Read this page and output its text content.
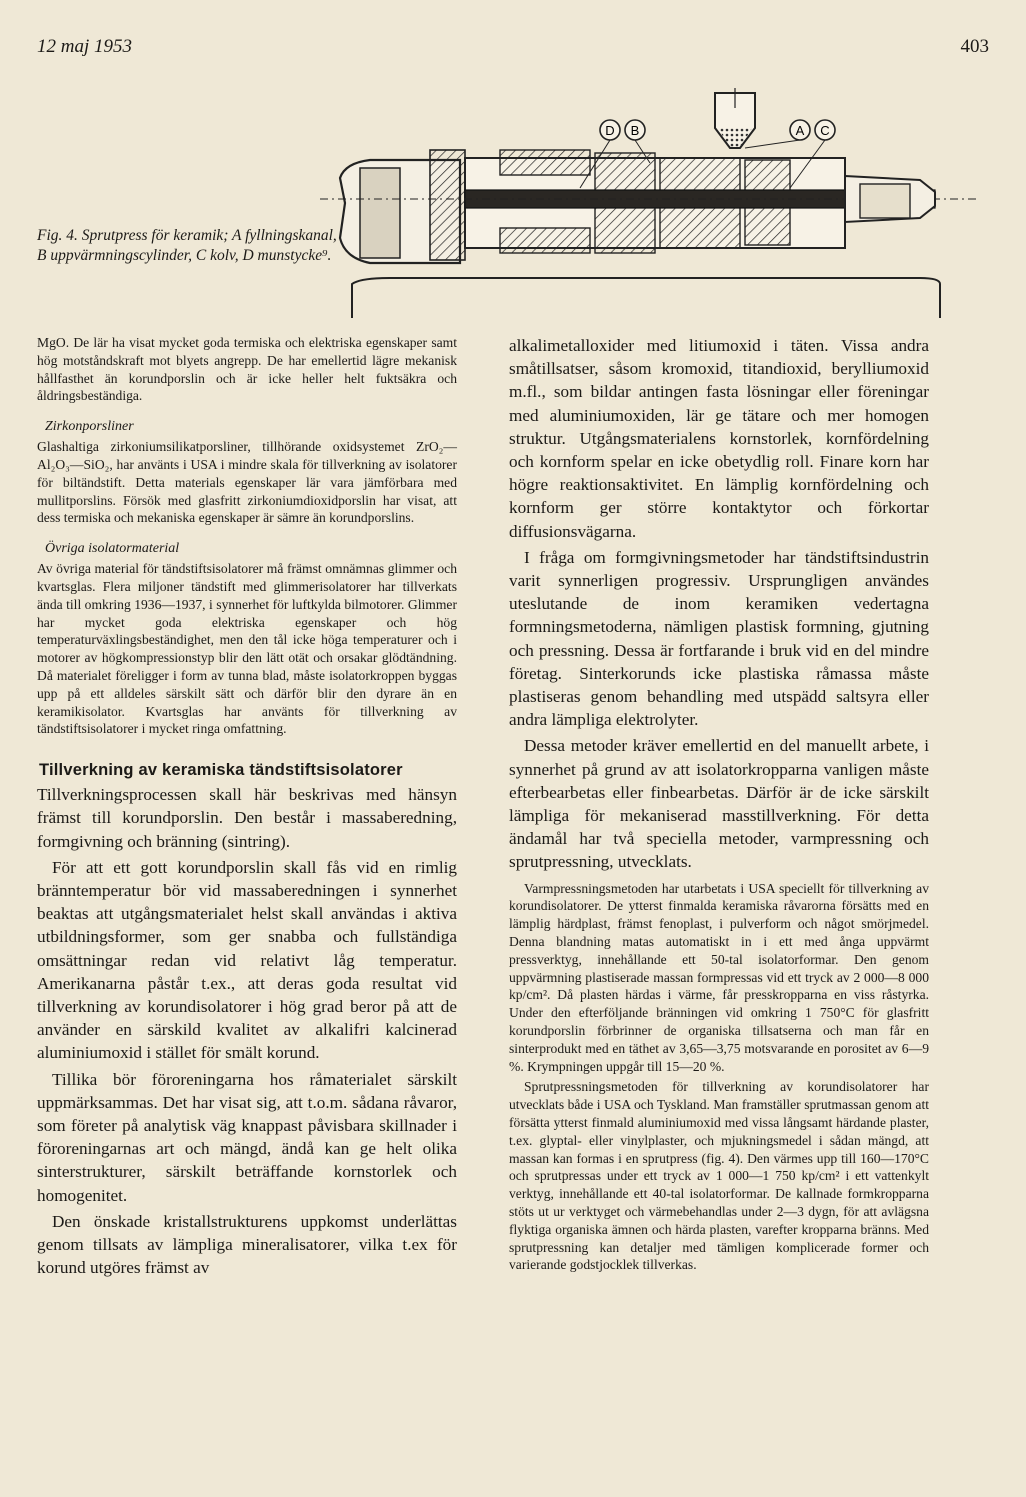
12 maj 1953	403
D B	A C
Fig. 4. Sprutpress för keramik; A fyllningskanal, B uppvärmningscylinder, C kolv, D munstycke⁹.

MgO. De lär ha visat mycket goda termiska och elektriska egenskaper samt hög motståndskraft mot blyets angrepp. De har emellertid lägre mekanisk hållfasthet än korundporslin och är icke heller helt fuktsäkra och åldringsbeständiga.

Zirkonporsliner

Glashaltiga zirkoniumsilikatporsliner, tillhörande oxidsystemet ZrO₂—Al₂O₃—SiO₂, har använts i USA i mindre skala för tillverkning av isolatorer för biltändstift. Detta materials egenskaper lär vara jämförbara med mullitporslins. Försök med glasfritt zirkoniumdioxidporslin har visat, att dess termiska och mekaniska egenskaper är sämre än korundporslins.

Övriga isolatormaterial

Av övriga material för tändstiftsisolatorer må främst omnämnas glimmer och kvartsglas. Flera miljoner tändstift med glimmerisolatorer har tillverkats ända till omkring 1936—1937, i synnerhet för luftkylda bilmotorer. Glimmer har mycket goda elektriska egenskaper och hög temperaturväxlingsbeständighet, men den tål icke höga temperaturer och i motorer av högkompressionstyp blir den lätt otät och orsakar glödtändning. Då materialet föreligger i form av tunna blad, måste isolatorkroppen byggas upp på ett alldeles särskilt sätt och därför blir den dyrare än en keramikisolator. Kvartsglas har använts för tillverkning av tändstiftsisolatorer i mycket ringa omfattning.

Tillverkning av keramiska tändstiftsisolatorer

Tillverkningsprocessen skall här beskrivas med hänsyn främst till korundporslin. Den består i massaberedning, formgivning och bränning (sintring).

För att ett gott korundporslin skall fås vid en rimlig bränntemperatur bör vid massaberedningen i synnerhet beaktas att utgångsmaterialet helst skall användas i aktiva utbildningsformer, som ger snabba och fullständiga omsättningar redan vid relativt låg temperatur. Amerikanarna påstår t.ex., att deras goda resultat vid tillverkning av korundisolatorer i hög grad beror på att de använder en särskild kvalitet av alkalifri kalcinerad aluminiumoxid i stället för smält korund.

Tillika bör föroreningarna hos råmaterialet särskilt uppmärksammas. Det har visat sig, att t.o.m. sådana råvaror, som företer på analytisk väg knappast påvisbara skillnader i föroreningarnas art och mängd, ändå kan ge helt olika sinterstrukturer, särskilt beträffande kornstorlek och homogenitet.

Den önskade kristallstrukturens uppkomst underlättas genom tillsats av lämpliga mineralisatorer, vilka t.ex för korund utgöres främst av

alkalimetalloxider med litiumoxid i täten. Vissa andra småtillsatser, såsom kromoxid, titandioxid, berylliumoxid m.fl., som bildar antingen fasta lösningar eller föreningar med aluminiumoxiden, lär ge tätare och mer homogen struktur. Utgångsmaterialens kornstorlek, kornfördelning och kornform spelar en icke obetydlig roll. Finare korn har högre reaktionsaktivitet. En lämplig kornfördelning och kornform ger större kontaktytor och förkortar diffusionsvägarna.

I fråga om formgivningsmetoder har tändstiftsindustrin varit synnerligen progressiv. Ursprungligen användes uteslutande de inom keramiken vedertagna formningsmetoderna, nämligen plastisk formning, gjutning och pressning. Dessa är fortfarande i bruk vid en del mindre företag. Sinterkorunds icke plastiska råmassa måste plastiseras genom behandling med utspädd saltsyra eller andra lämpliga elektrolyter.

Dessa metoder kräver emellertid en del manuellt arbete, i synnerhet på grund av att isolatorkropparna vanligen måste efterbearbetas eller finbearbetas. Därför är de icke särskilt lämpliga för mekaniserad masstillverkning. För detta ändamål har två speciella metoder, varmpressning och sprutpressning, utvecklats.

Varmpressningsmetoden har utarbetats i USA speciellt för tillverkning av korundisolatorer. De ytterst finmalda keramiska råvarorna försätts med en lämplig härdplast, främst fenoplast, i pulverform och något smörjmedel. Denna blandning matas automatiskt in i ett med ånga uppvärmt pressverktyg, innehållande ett 50-tal isolatorformar. Den genom uppvärmning plastiserade massan formpressas vid ett tryck av 2 000—8 000 kp/cm². Då plasten härdas i värme, får presskropparna en viss råstyrka. Under den efterföljande bränningen vid omkring 1 750°C för glasfritt korundporslin förbrinner de organiska tillsatserna och man får en sinterprodukt med en täthet av 3,65—3,75 motsvarande en porositet av 6—9 %. Krympningen uppgår till 15—20 %.

Sprutpressningsmetoden för tillverkning av korundisolatorer har utvecklats både i USA och Tyskland. Man framställer sprutmassan genom att försätta ytterst finmald aluminiumoxid med vissa långsamt härdande plaster, t.ex. glyptal- eller vinylplaster, och mjukningsmedel i sådan mängd, att massan kan formas i en sprutpress (fig. 4). Den värmes upp till 160—170°C och sprutpressas under ett tryck av 1 000—1 750 kp/cm² i ett vattenkylt verktyg, innehållande ett 40-tal isolatorformar. De kallnade formkropparna stöts ut ur verktyget och värmebehandlas under 2—3 dygn, för att avlägsna flyktiga organiska ämnen och härda plasten, varefter kropparna bränns. Med sprutpressning kan detaljer med tämligen komplicerade former och varierande godstjocklek tillverkas.
